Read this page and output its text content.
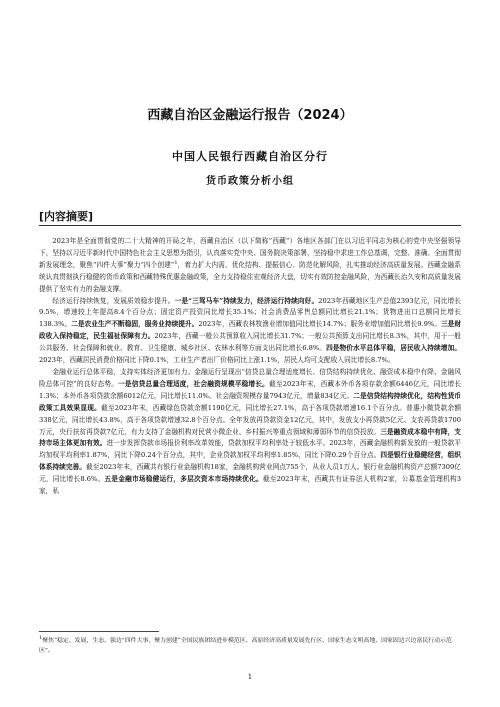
西藏自治区金融运行报告（2024）
中国人民银行西藏自治区分行
货币政策分析小组
[内容摘要]

2023年是全面贯彻党的二十大精神的开局之年，西藏自治区（以下简称“西藏”）各地区各部门在以习近平同志为核心的党中央坚强领导下，坚持以习近平新时代中国特色社会主义思想为指引，认真落实党中央、国务院决策部署，坚持稳中求进工作总基调，完整、准确、全面贯彻新发展理念，聚焦“四件大事”聚力“四个创建”$^1$，着力扩大内需、优化结构、提振信心、防范化解风险，扎实推动经济高质量发展。西藏金融系统认真贯彻执行稳健的货币政策和西藏特殊优惠金融政策，全力支持稳住宏观经济大盘，切实有效防控金融风险，为西藏长治久安和高质量发展提供了坚实有力的金融支撑。

经济运行持续恢复，发展质效稳步提升。一是“三驾马车”持续发力，经济运行持续向好。2023年西藏地区生产总值2393亿元，同比增长9.5%，增速较上年提高8.4个百分点；固定资产投资同比增长35.1%；社会消费品零售总额同比增长21.1%；货物进出口总额同比增长138.3%。二是农业生产不断稳固，服务业持续提升。2023年，西藏农林牧渔业增加值同比增长14.7%；服务业增加值同比增长9.9%。三是财政收入保持稳定，民生福祉保障有力。2023年，西藏一般公共预算收入同比增长31.7%；一般公共预算支出同比增长8.3%，其中，用于一般公共服务、社会保障和就业、教育、卫生健康、城乡社区、农林水利等方面支出同比增长6.8%。四是物价水平总体平稳，居民收入持续增加。2023年，西藏居民消费价格同比下降0.1%，工业生产者出厂价格同比上涨1.1%，居民人均可支配收入同比增长8.7%。

金融业运行总体平稳，支持实体经济更加有力。金融运行呈现出“信贷总量合理适度增长、信贷结构持续优化、融资成本稳中有降、金融风险总体可控”的良好态势。一是信贷总量合理适度，社会融资规模平稳增长。截至2023年末，西藏本外币各项存款余额6446亿元，同比增长1.3%；本外币各项贷款余额6012亿元，同比增长11.0%。社会融资规模存量7943亿元，增量834亿元。二是信贷结构持续优化，结构性货币政策工具效果显现。截至2023年末，西藏绿色贷款余额1190亿元，同比增长27.1%，高于各项贷款增速16.1个百分点。普惠小微贷款余额338亿元，同比增长43.8%，高于各项贷款增速32.8个百分点。全年发放再贷款资金12亿元，其中，发放支小再贷款5亿元、支农再贷款1700万元，央行扶贫再贷款7亿元，有力支持了金融机构对民营小微企业、乡村振兴等重点领域和薄弱环节的信贷投放。三是融资成本稳中有降，支持市场主体更加有效。进一步发挥贷款市场报价利率改革效能，贷款加权平均利率处于较低水平。2023年，西藏金融机构新发放的一般贷款平均加权平均利率1.87%，同比下降0.24个百分点，其中，企业贷款加权平均利率1.85%，同比下降0.29个百分点。四是银行业稳健经营，组织体系持续完善。截至2023年末，西藏共有银行业金融机构18家，金融机构营业网点755个，从业人员1万人。银行业金融机构资产总额7309亿元，同比增长8.6%。五是金融市场稳健运行，多层次资本市场持续优化。截至2023年末，西藏共有证券法人机构2家，公募基金管理机构3家，私

$^1$聚焦“稳定、发展、生态、强边”四件大事，聚力创建“全国民族团结进步模范区、高原经济高质量发展先行区、国家生态文明高地、国家固边兴边富民行动示范区”。
1
